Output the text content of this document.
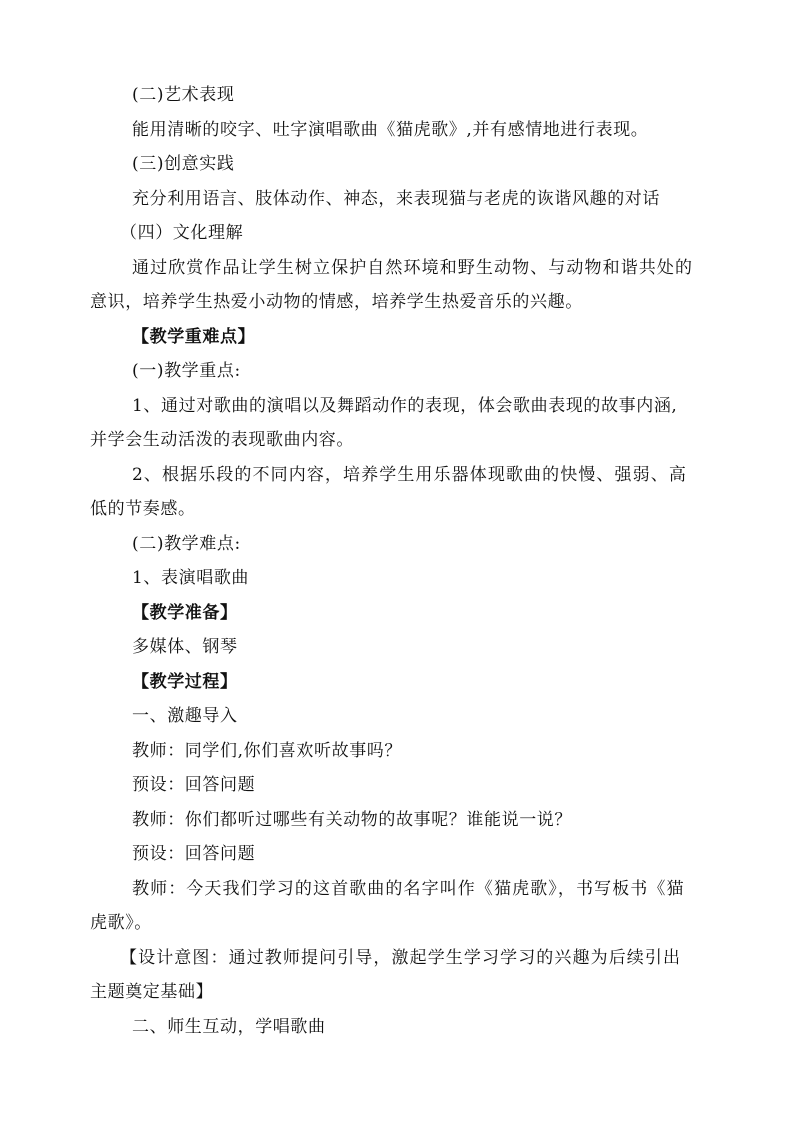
(二)艺术表现
能用清晰的咬字、吐字演唱歌曲《猫虎歌》,并有感情地进行表现。
(三)创意实践
充分利用语言、肢体动作、神态，来表现猫与老虎的诙谐风趣的对话
（四）文化理解
通过欣赏作品让学生树立保护自然环境和野生动物、与动物和谐共处的
意识，培养学生热爱小动物的情感，培养学生热爱音乐的兴趣。
【教学重难点】
(一)教学重点:
1、通过对歌曲的演唱以及舞蹈动作的表现，体会歌曲表现的故事内涵,
并学会生动活泼的表现歌曲内容。
2、根据乐段的不同内容，培养学生用乐器体现歌曲的快慢、强弱、高
低的节奏感。
(二)教学难点:
1、表演唱歌曲
【教学准备】
多媒体、钢琴
【教学过程】
一、激趣导入
教师：同学们,你们喜欢听故事吗？
预设：回答问题
教师：你们都听过哪些有关动物的故事呢？谁能说一说？
预设：回答问题
教师：今天我们学习的这首歌曲的名字叫作《猫虎歌》，书写板书《猫
虎歌》。
【设计意图：通过教师提问引导，激起学生学习学习的兴趣为后续引出
主题奠定基础】
二、师生互动，学唱歌曲
